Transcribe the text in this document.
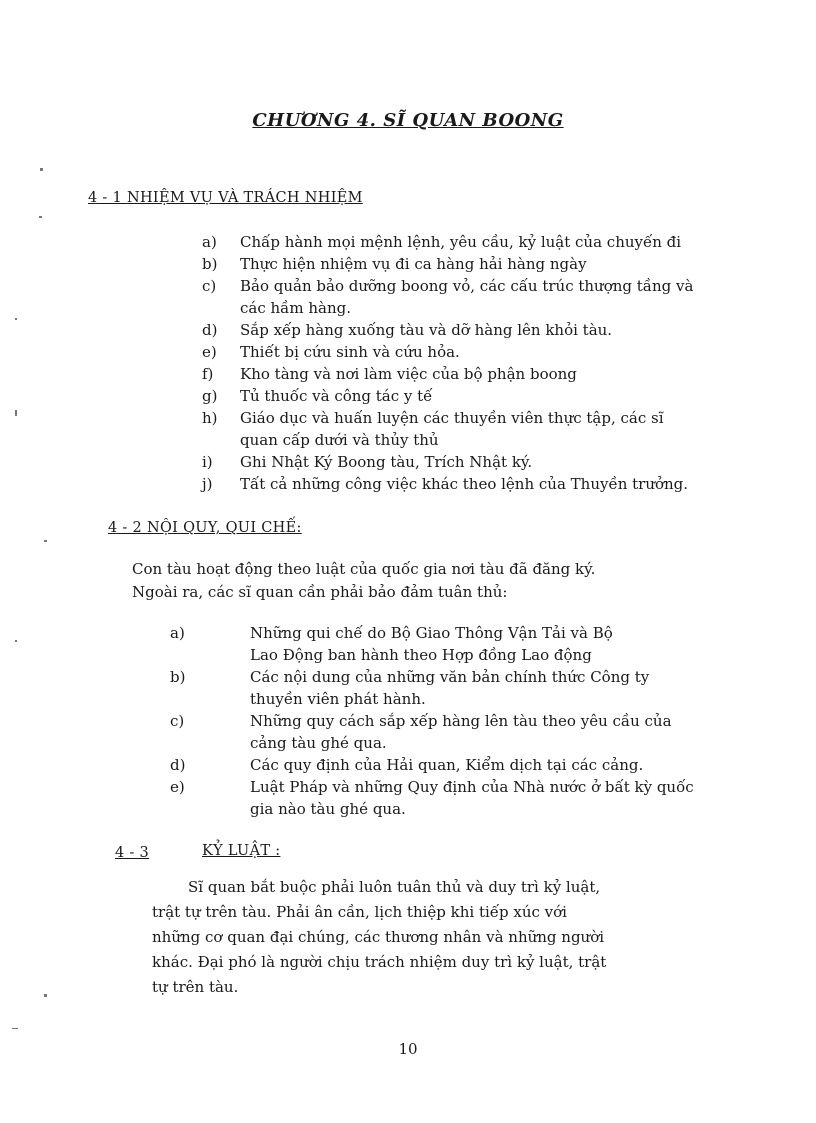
CHƯƠNG 4. SĨ QUAN BOONG
4 - 1 NHIỆM VỤ VÀ TRÁCH NHIỆM
a) Chấp hành mọi mệnh lệnh, yêu cầu, kỷ luật của chuyến đi
b) Thực hiện nhiệm vụ đi ca hàng hải hàng ngày
c) Bảo quản bảo dưỡng boong vỏ, các cấu trúc thượng tầng và
các hầm hàng.
d) Sắp xếp hàng xuống tàu và dỡ hàng lên khỏi tàu.
e) Thiết bị cứu sinh và cứu hỏa.
f) Kho tàng và nơi làm việc của bộ phận boong
g) Tủ thuốc và công tác y tế
h) Giáo dục và huấn luyện các thuyền viên thực tập, các sĩ
quan cấp dưới và thủy thủ
i) Ghi Nhật Ký Boong tàu, Trích Nhật ký.
j) Tất cả những công việc khác theo lệnh của Thuyền trưởng.
4 - 2 NỘI QUY, QUI CHẾ:
Con tàu hoạt động theo luật của quốc gia nơi tàu đã đăng ký.
Ngoài ra, các sĩ quan cần phải bảo đảm tuân thủ:
a)	Những qui chế do Bộ Giao Thông Vận Tải và Bộ
Lao Động ban hành theo Hợp đồng Lao động
b)	Các nội dung của những văn bản chính thức Công ty
thuyền viên phát hành.
c)	Những quy cách sắp xếp hàng lên tàu theo yêu cầu của
cảng tàu ghé qua.
d)	Các quy định của Hải quan, Kiểm dịch tại các cảng.
e)	Luật Pháp và những Quy định của Nhà nước ở bất kỳ quốc
gia nào tàu ghé qua.
4 - 3	KỶ LUẬT :
Sĩ quan bắt buộc phải luôn tuân thủ và duy trì kỷ luật,
trật tự trên tàu. Phải ân cần, lịch thiệp khi tiếp xúc với
những cơ quan đại chúng, các thương nhân và những người
khác. Đại phó là người chịu trách nhiệm duy trì kỷ luật, trật
tự trên tàu.
10
